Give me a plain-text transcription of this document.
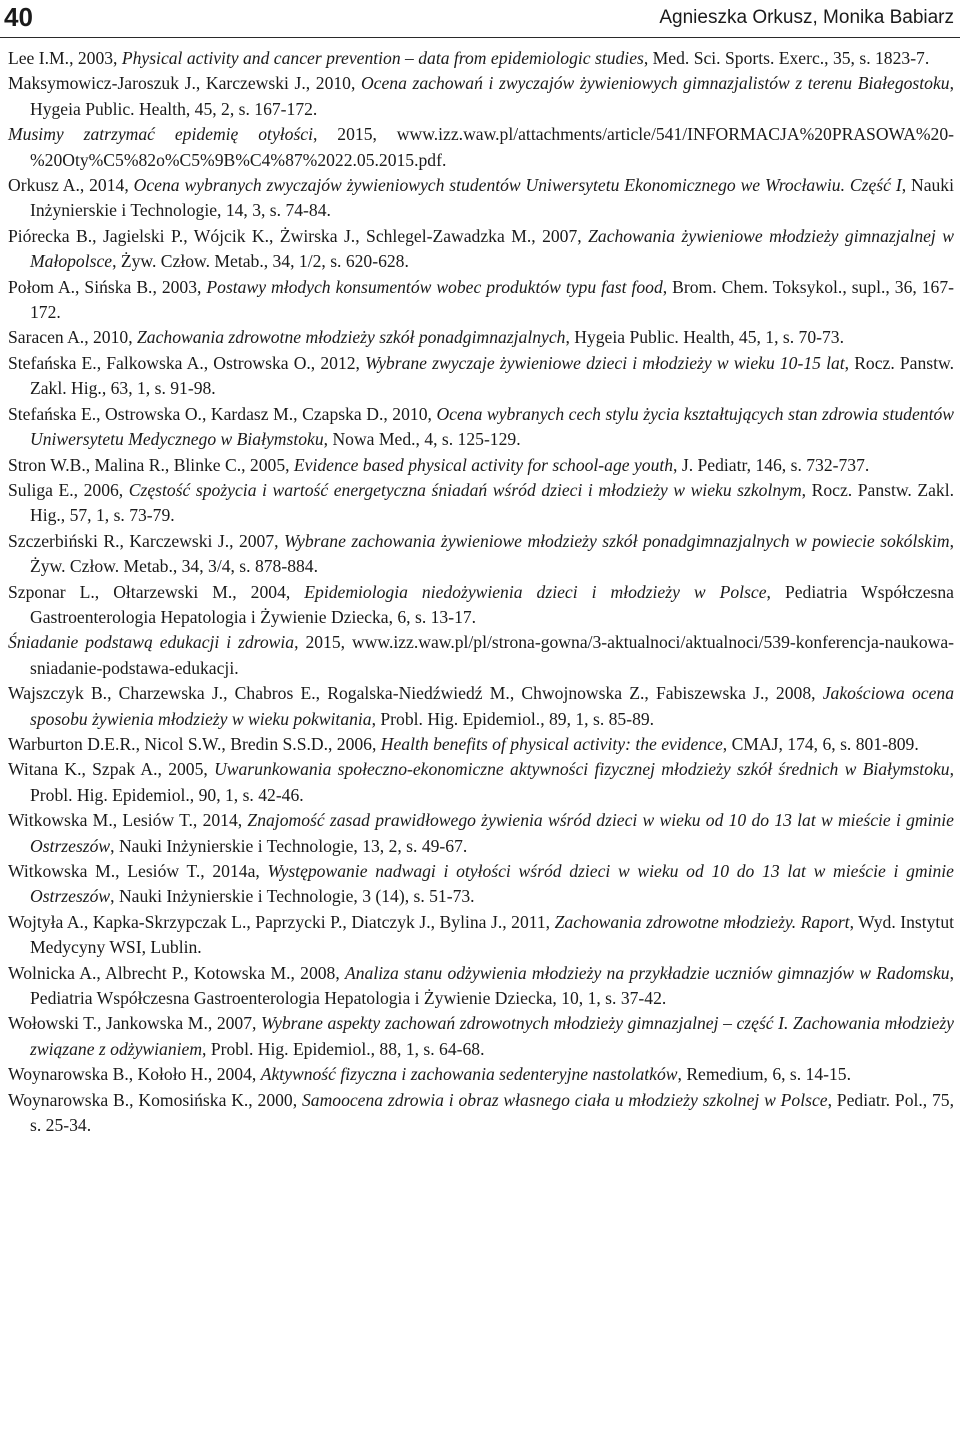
40	Agnieszka Orkusz, Monika Babiarz
Lee I.M., 2003, Physical activity and cancer prevention – data from epidemiologic studies, Med. Sci. Sports. Exerc., 35, s. 1823-7.
Maksymowicz-Jaroszuk J., Karczewski J., 2010, Ocena zachowań i zwyczajów żywieniowych gimnazjalistów z terenu Białegostoku, Hygeia Public. Health, 45, 2, s. 167-172.
Musimy zatrzymać epidemię otyłości, 2015, www.izz.waw.pl/attachments/article/541/INFORMACJA%20PRASOWA%20-%20Oty%C5%82o%C5%9B%C4%87%2022.05.2015.pdf.
Orkusz A., 2014, Ocena wybranych zwyczajów żywieniowych studentów Uniwersytetu Ekonomicznego we Wrocławiu. Część I, Nauki Inżynierskie i Technologie, 14, 3, s. 74-84.
Piórecka B., Jagielski P., Wójcik K., Żwirska J., Schlegel-Zawadzka M., 2007, Zachowania żywieniowe młodzieży gimnazjalnej w Małopolsce, Żyw. Człow. Metab., 34, 1/2, s. 620-628.
Połom A., Sińska B., 2003, Postawy młodych konsumentów wobec produktów typu fast food, Brom. Chem. Toksykol., supl., 36, 167-172.
Saracen A., 2010, Zachowania zdrowotne młodzieży szkół ponadgimnazjalnych, Hygeia Public. Health, 45, 1, s. 70-73.
Stefańska E., Falkowska A., Ostrowska O., 2012, Wybrane zwyczaje żywieniowe dzieci i młodzieży w wieku 10-15 lat, Rocz. Panstw. Zakl. Hig., 63, 1, s. 91-98.
Stefańska E., Ostrowska O., Kardasz M., Czapska D., 2010, Ocena wybranych cech stylu życia kształtujących stan zdrowia studentów Uniwersytetu Medycznego w Białymstoku, Nowa Med., 4, s. 125-129.
Stron W.B., Malina R., Blinke C., 2005, Evidence based physical activity for school-age youth, J. Pediatr, 146, s. 732-737.
Suliga E., 2006, Częstość spożycia i wartość energetyczna śniadań wśród dzieci i młodzieży w wieku szkolnym, Rocz. Panstw. Zakl. Hig., 57, 1, s. 73-79.
Szczerbiński R., Karczewski J., 2007, Wybrane zachowania żywieniowe młodzieży szkół ponadgimnazjalnych w powiecie sokólskim, Żyw. Człow. Metab., 34, 3/4, s. 878-884.
Szponar L., Ołtarzewski M., 2004, Epidemiologia niedożywienia dzieci i młodzieży w Polsce, Pediatria Współczesna Gastroenterologia Hepatologia i Żywienie Dziecka, 6, s. 13-17.
Śniadanie podstawą edukacji i zdrowia, 2015, www.izz.waw.pl/pl/strona-gowna/3-aktualnoci/aktualnoci/539-konferencja-naukowa-sniadanie-podstawa-edukacji.
Wajszczyk B., Charzewska J., Chabros E., Rogalska-Niedźwiedź M., Chwojnowska Z., Fabiszewska J., 2008, Jakościowa ocena sposobu żywienia młodzieży w wieku pokwitania, Probl. Hig. Epidemiol., 89, 1, s. 85-89.
Warburton D.E.R., Nicol S.W., Bredin S.S.D., 2006, Health benefits of physical activity: the evidence, CMAJ, 174, 6, s. 801-809.
Witana K., Szpak A., 2005, Uwarunkowania społeczno-ekonomiczne aktywności fizycznej młodzieży szkół średnich w Białymstoku, Probl. Hig. Epidemiol., 90, 1, s. 42-46.
Witkowska M., Lesiów T., 2014, Znajomość zasad prawidłowego żywienia wśród dzieci w wieku od 10 do 13 lat w mieście i gminie Ostrzeszów, Nauki Inżynierskie i Technologie, 13, 2, s. 49-67.
Witkowska M., Lesiów T., 2014a, Występowanie nadwagi i otyłości wśród dzieci w wieku od 10 do 13 lat w mieście i gminie Ostrzeszów, Nauki Inżynierskie i Technologie, 3 (14), s. 51-73.
Wojtyła A., Kapka-Skrzypczak L., Paprzycki P., Diatczyk J., Bylina J., 2011, Zachowania zdrowotne młodzieży. Raport, Wyd. Instytut Medycyny WSI, Lublin.
Wolnicka A., Albrecht P., Kotowska M., 2008, Analiza stanu odżywienia młodzieży na przykładzie uczniów gimnazjów w Radomsku, Pediatria Współczesna Gastroenterologia Hepatologia i Żywienie Dziecka, 10, 1, s. 37-42.
Wołowski T., Jankowska M., 2007, Wybrane aspekty zachowań zdrowotnych młodzieży gimnazjalnej – część I. Zachowania młodzieży związane z odżywianiem, Probl. Hig. Epidemiol., 88, 1, s. 64-68.
Woynarowska B., Kołoło H., 2004, Aktywność fizyczna i zachowania sedenteryjne nastolatków, Remedium, 6, s. 14-15.
Woynarowska B., Komosińska K., 2000, Samoocena zdrowia i obraz własnego ciała u młodzieży szkolnej w Polsce, Pediatr. Pol., 75, s. 25-34.
